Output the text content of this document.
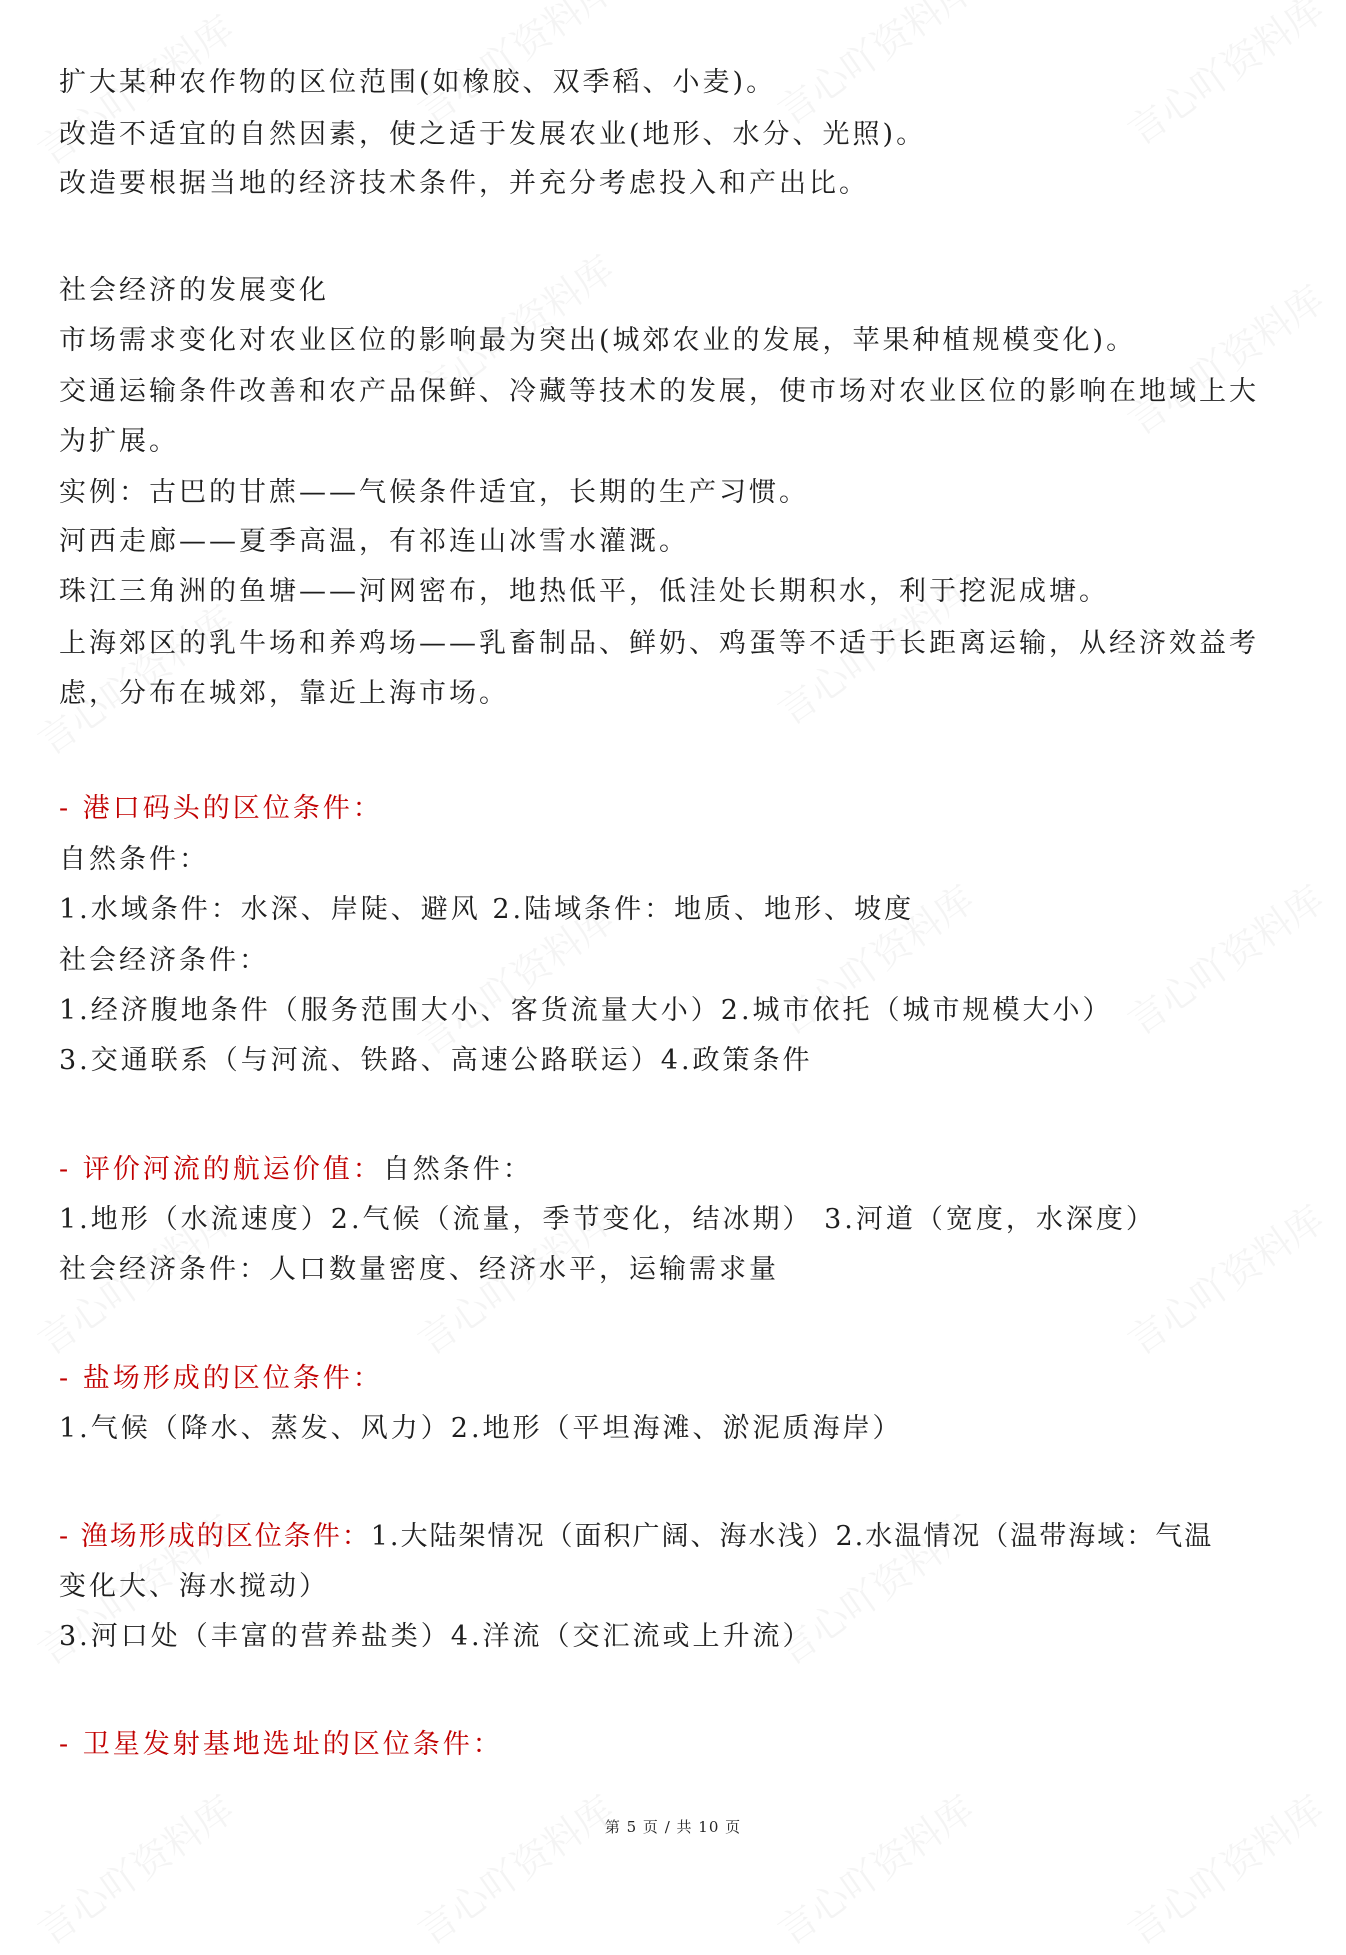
扩大某种农作物的区位范围(如橡胶、双季稻、小麦)。
改造不适宜的自然因素，使之适于发展农业(地形、水分、光照)。
改造要根据当地的经济技术条件，并充分考虑投入和产出比。
社会经济的发展变化
市场需求变化对农业区位的影响最为突出(城郊农业的发展，苹果种植规模变化)。
交通运输条件改善和农产品保鲜、冷藏等技术的发展，使市场对农业区位的影响在地域上大
为扩展。
实例：古巴的甘蔗——气候条件适宜，长期的生产习惯。
河西走廊——夏季高温，有祁连山冰雪水灌溉。
珠江三角洲的鱼塘——河网密布，地热低平，低洼处长期积水，利于挖泥成塘。
上海郊区的乳牛场和养鸡场——乳畜制品、鲜奶、鸡蛋等不适于长距离运输，从经济效益考
虑，分布在城郊，靠近上海市场。
- 港口码头的区位条件：
自然条件：
1.水域条件：水深、岸陡、避风 2.陆域条件：地质、地形、坡度
社会经济条件：
1.经济腹地条件（服务范围大小、客货流量大小）2.城市依托（城市规模大小）
3.交通联系（与河流、铁路、高速公路联运）4.政策条件
- 评价河流的航运价值：自然条件：
1.地形（水流速度）2.气候（流量，季节变化，结冰期） 3.河道（宽度，水深度）
社会经济条件：人口数量密度、经济水平，运输需求量
- 盐场形成的区位条件：
1.气候（降水、蒸发、风力）2.地形（平坦海滩、淤泥质海岸）
- 渔场形成的区位条件：1.大陆架情况（面积广阔、海水浅）2.水温情况（温带海域：气温
变化大、海水搅动）
3.河口处（丰富的营养盐类）4.洋流（交汇流或上升流）
- 卫星发射基地选址的区位条件：
第 5 页 / 共 10 页
